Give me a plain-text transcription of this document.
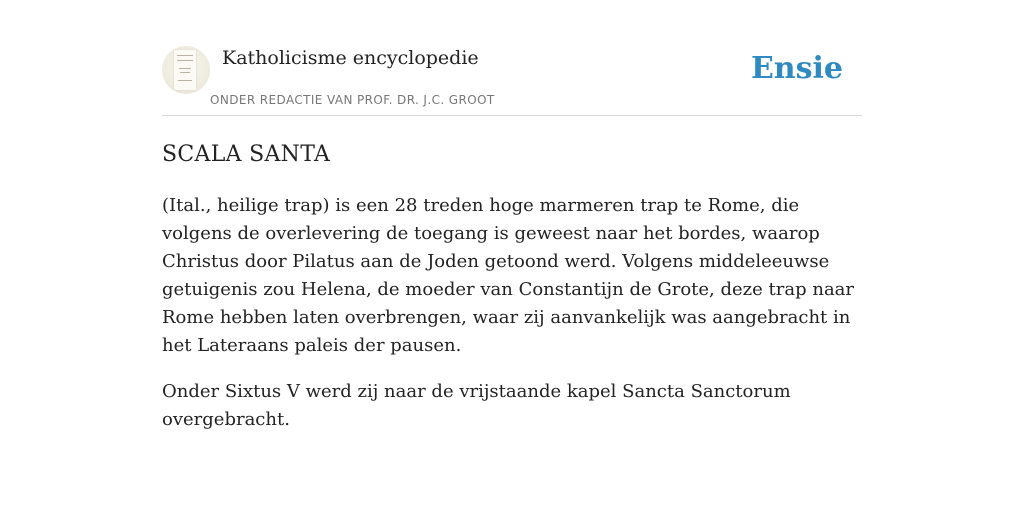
Katholicisme encyclopedie
ONDER REDACTIE VAN PROF. DR. J.C. GROOT
Ensie
SCALA SANTA

(Ital., heilige trap) is een 28 treden hoge marmeren trap te Rome, die volgens de overlevering de toegang is geweest naar het bordes, waarop Christus door Pilatus aan de Joden getoond werd. Volgens middeleeuwse getuigenis zou Helena, de moeder van Constantijn de Grote, deze trap naar Rome hebben laten overbrengen, waar zij aanvankelijk was aangebracht in het Lateraans paleis der pausen.

Onder Sixtus V werd zij naar de vrijstaande kapel Sancta Sanctorum overgebracht.
